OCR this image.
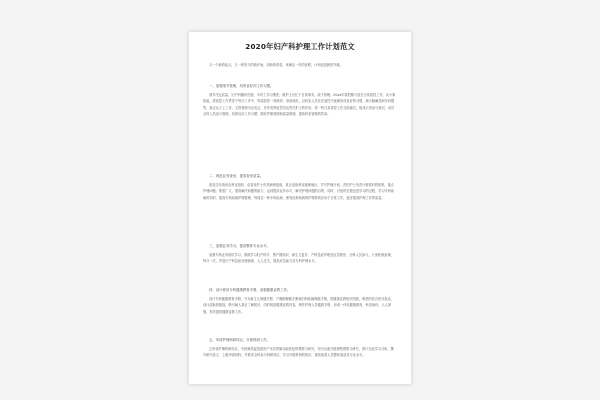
2020年妇产科护理工作计划范文
又一个新的起点，又一轮努力的新开始，用新的希望，来满足一年的征程，计划也是新的突破。
一、加强细节管理，培养良好的工作习惯。
细节决定质量。妇产科随机性强、平时工作习惯差，做护士长忙于日常事务，疏于管理。20xx年将把精力放在日常质控工作，从小事抓起，将质控工作贯穿于每日工作中，每周质控一到两项，形成规范，以科室人员在在质控中逐渐形成良好的习惯，减少脑瘫及缺安问题等，真正从义上工作，主管管理为出发点，另外发挥质控员及责任护士的作用，将一些日常质控工作交给她们，组成大家参与意识，动员全科人员参与管理，培养良好工作习惯，做好护理管理和质量管理，提高科室管理的效率。
二、规范业务查房，提高查房质量。
改变往年查房由科室组织、由管床护士负责病例选取，真正选取科室疑难病历，节写护理计划，责任护士负责计划资料的收集，重点护理问题。集思广义，提高解决问题的能力，达到提高业务水平，解决护理问题的目的，同时，讨论的过程也是学习的过程，学习专科疾病的知识、提高专科疾病护理管理，每周至一种专科疾病，使得此种疾病的护理常规应用于日常工作，逐步提高护理工作的质量。
三、加强业务学习，提高整体专业水平。
加强专科业务知识学习，系统学习妇产科学、围产期知识、新生儿复苏、产科急症护理及应急程序，全科人员参与，大家轮流备课，每月一次，并进行产科急症处理演练，人人过关，提高应急能力及专科护理水平。
四、设计使用专科健康教育手册，加强健康宣教工作。
设计专科健康教育手册，分为新生儿保健手册、产褥期保健手册和妇科疾病保健手册，将健康宣教知识图面，明悉的语言形式表达，设计清新的版面，吸引病人真正了解知识，同时规范健康宣教内容，制作护理人员健教手册，形成一体化健康教育，科室备份，人人掌握，有效提高健康宣教工作。
五、申请护理科研项目，开展科研工作。
已申请护理科研项目，中药熏蒸促进剖宫产术后胃肠功能恢复的观察与研究，年内全面开展观察观察与研究，预计完成学习分析，撰写研究论文，上级申请材料。并要求全科参与科研项目，学习开展科研的知识，提高改善人员整体素质及专业水平。
